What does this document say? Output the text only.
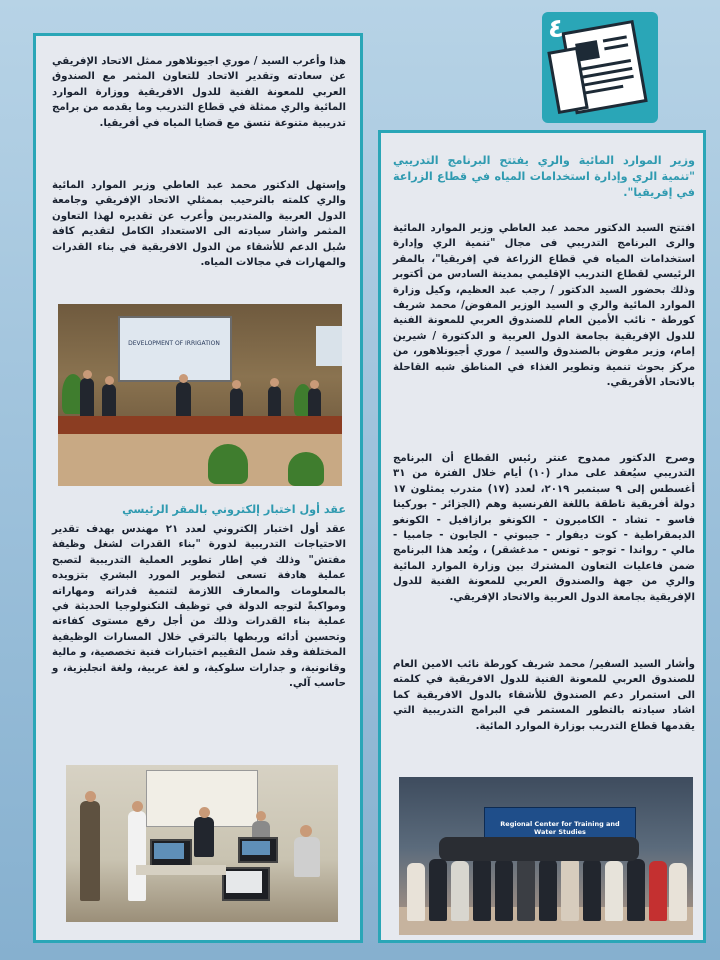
٤
هذا وأعرب السيد / موري اجيونلاهور ممثل الاتحاد الإفريقي عن سعادته وتقدير الاتحاد للتعاون المثمر مع الصندوق العربي للمعونة الفنية للدول الافريقية ووزارة الموارد المائية والري ممثلة في قطاع التدريب وما يقدمه من برامج تدريبية متنوعة تتسق مع قضايا المياه في أفريقيا.
وإستهل الدكتور محمد عبد العاطي وزير الموارد المائية والري كلمته بالترحيب بممثلي الاتحاد الإفريقي وجامعة الدول العربية والمتدربين وأعرب عن تقديره لهذا التعاون المثمر واشار سيادته الى الاستعداد الكامل لتقديم كافة سُبل الدعم للأشقاء من الدول الافريقية في بناء القدرات والمهارات في مجالات المياه.
DEVELOPMENT OF IRRIGATION
عقد أول اختبار إلكتروني بالمقر الرئيسي
عقد أول اختبار إلكتروني لعدد ٢١ مهندس بهدف تقدير الاحتياجات التدريبية لدورة "بناء القدرات لشغل وظيفة مفتش" وذلك في إطار تطوير العملية التدريبية لتصبح عملية هادفة تسعى لتطوير المورد البشري بتزويده بالمعلومات والمعارف اللازمة لتنمية قدراته ومهاراته ومواكبةً لتوجه الدولة في توظيف التكنولوجيا الحديثة في عملية بناء القدرات وذلك من أجل رفع مستوى كفاءته وتحسين أدائه وربطها بالترقي خلال المسارات الوظيفية المختلفة وقد شمل التقييم اختبارات فنية تخصصية، و مالية وقانونية، و جدارات سلوكية، و لغة عربية، ولغة انجليزية، و حاسب آلي.
وزير الموارد المائية والري يفتتح البرنامج التدريبي "تنمية الري وإدارة استخدامات المياه في قطاع الزراعة في إفريقيا".
افتتح السيد الدكتور محمد عبد العاطي وزير الموارد المائية والرى البرنامج التدريبي فى مجال "تنمية الري وإدارة استخدامات المياه في قطاع الزراعة في إفريقيا"، بالمقر الرئيسي لقطاع التدريب الإقليمي بمدينة السادس من أكتوبر وذلك بحضور السيد الدكتور / رجب عبد العظيم، وكيل وزارة الموارد المائية والري و السيد الوزير المفوض/ محمد شريف كورطة - نائب الأمين العام للصندوق العربي للمعونة الفنية للدول الإفريقية بجامعة الدول العربية و الدكتورة / شيرين إمام، وزير مفوض بالصندوق والسيد / موري أجيونلاهور، من مركز بحوث تنمية وتطوير الغذاء في المناطق شبه القاحلة بالاتحاد الأفريقي.
وصرح الدكتور ممدوح عنتر رئيس القطاع أن البرنامج التدريبي سيُعقد على مدار (١٠) أيام خلال الفترة من ٣١ أغسطس إلى ٩ سبتمبر ٢٠١٩، لعدد (١٧) متدرب يمثلون ١٧ دولة أفريقية ناطقة باللغة الفرنسية وهم (الجزائر - بوركينا فاسو - تشاد - الكاميرون - الكونغو برازافيل - الكونغو الديمقراطية - كوت ديفوار - جيبوتي - الجابون - جامبيا - مالي - رواندا - توجو - تونس - مدغشقر) ، ويُعد هذا البرنامج ضمن فاعليات التعاون المشترك بين وزارة الموارد المائية والري من جهة والصندوق العربي للمعونة الفنية للدول الإفريقية بجامعة الدول العربية والاتحاد الإفريقي.
وأشار السيد السفير/ محمد شريف كورطة نائب الامين العام للصندوق العربي للمعونة الفنية للدول الافريقية في كلمته الى استمرار دعم الصندوق للأشقاء بالدول الافريقية كما اشاد سيادته بالتطور المستمر في البرامج التدريبية التي يقدمها قطاع التدريب بوزارة الموارد المائية.
Regional Center for Training and Water Studies
